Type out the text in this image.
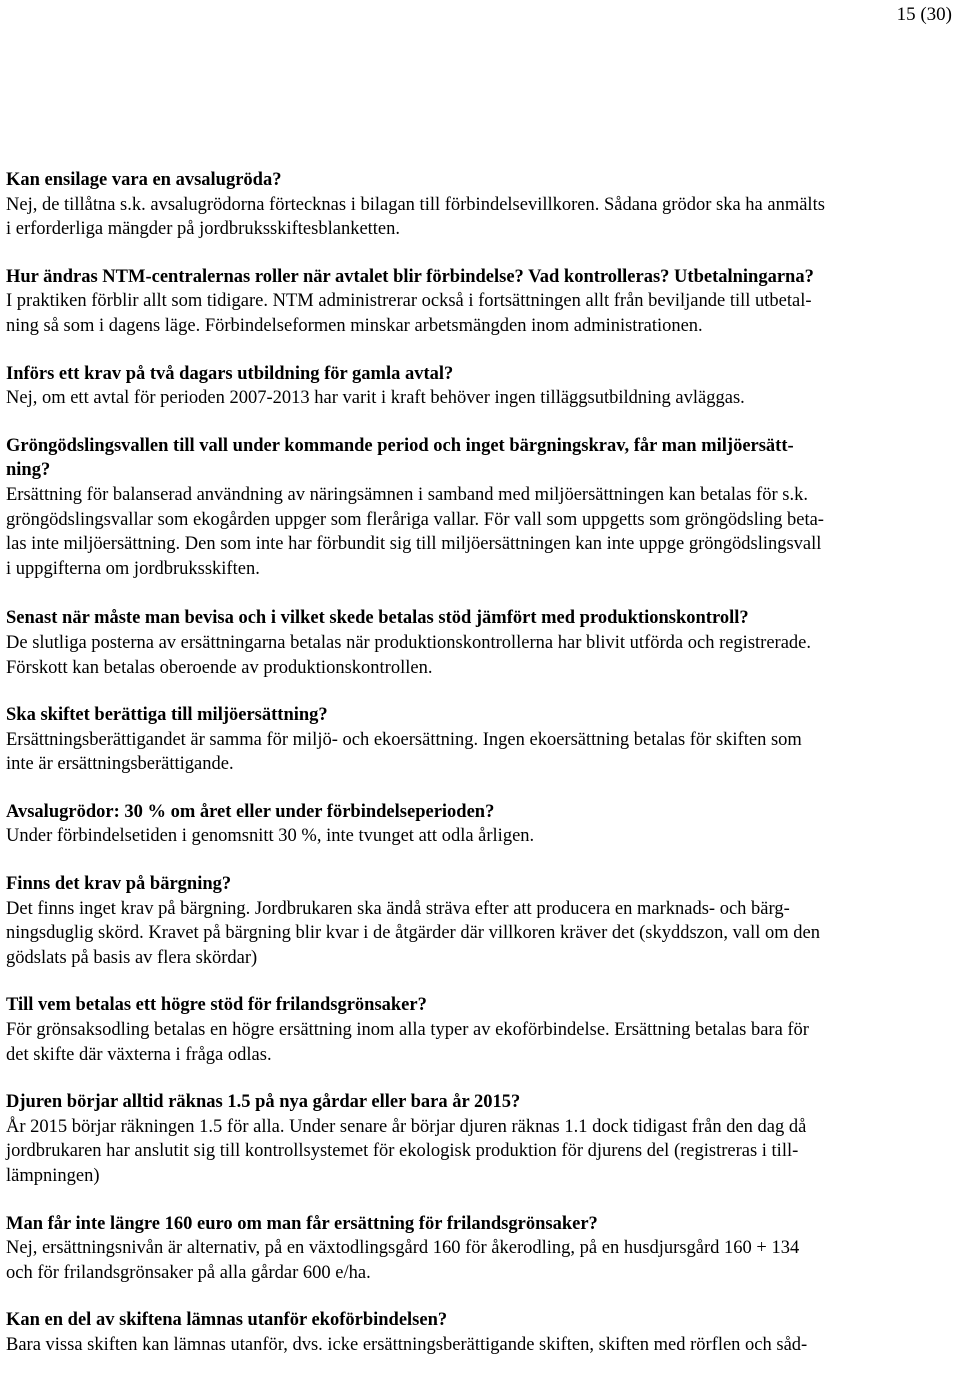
15 (30)

Kan ensilage vara en avsalugröda?

Nej, de tillåtna s.k. avsalugrödorna förtecknas i bilagan till förbindelsevillkoren. Sådana grödor ska ha anmälts

i erforderliga mängder på jordbruksskiftesblanketten.

Hur ändras NTM-centralernas roller när avtalet blir förbindelse? Vad kontrolleras? Utbetalningarna?

I praktiken förblir allt som tidigare. NTM administrerar också i fortsättningen allt från beviljande till utbetal-

ning så som i dagens läge. Förbindelseformen minskar arbetsmängden inom administrationen.

Införs ett krav på två dagars utbildning för gamla avtal?

Nej, om ett avtal för perioden 2007-2013 har varit i kraft behöver ingen tilläggsutbildning avläggas.

Gröngödslingsvallen till vall under kommande period och inget bärgningskrav, får man miljöersätt-

ning?

Ersättning för balanserad användning av näringsämnen i samband med miljöersättningen kan betalas för s.k.

gröngödslingsvallar som ekogården uppger som fleråriga vallar. För vall som uppgetts som gröngödsling beta-

las inte miljöersättning. Den som inte har förbundit sig till miljöersättningen kan inte uppge gröngödslingsvall

i uppgifterna om jordbruksskiften.

Senast när måste man bevisa och i vilket skede betalas stöd jämfört med produktionskontroll?

De slutliga posterna av ersättningarna betalas när produktionskontrollerna har blivit utförda och registrerade.

Förskott kan betalas oberoende av produktionskontrollen.

Ska skiftet berättiga till miljöersättning?

Ersättningsberättigandet är samma för miljö- och ekoersättning. Ingen ekoersättning betalas för skiften som

inte är ersättningsberättigande.

Avsalugrödor: 30 % om året eller under förbindelseperioden?

Under förbindelsetiden i genomsnitt 30 %, inte tvunget att odla årligen.

Finns det krav på bärgning?

Det finns inget krav på bärgning. Jordbrukaren ska ändå sträva efter att producera en marknads- och bärg-

ningsduglig skörd. Kravet på bärgning blir kvar i de åtgärder där villkoren kräver det (skyddszon, vall om den

gödslats på basis av flera skördar)

Till vem betalas ett högre stöd för frilandsgrönsaker?

För grönsaksodling betalas en högre ersättning inom alla typer av ekoförbindelse. Ersättning betalas bara för

det skifte där växterna i fråga odlas.

Djuren börjar alltid räknas 1.5 på nya gårdar eller bara år 2015?

År 2015 börjar räkningen 1.5 för alla. Under senare år börjar djuren räknas 1.1 dock tidigast från den dag då

jordbrukaren har anslutit sig till kontrollsystemet för ekologisk produktion för djurens del (registreras i till-

lämpningen)

Man får inte längre 160 euro om man får ersättning för frilandsgrönsaker?

Nej, ersättningsnivån är alternativ, på en växtodlingsgård 160 för åkerodling, på en husdjursgård 160 + 134

och för frilandsgrönsaker på alla gårdar 600 e/ha.

Kan en del av skiftena lämnas utanför ekoförbindelsen?

Bara vissa skiften kan lämnas utanför, dvs. icke ersättningsberättigande skiften, skiften med rörflen och såd-
